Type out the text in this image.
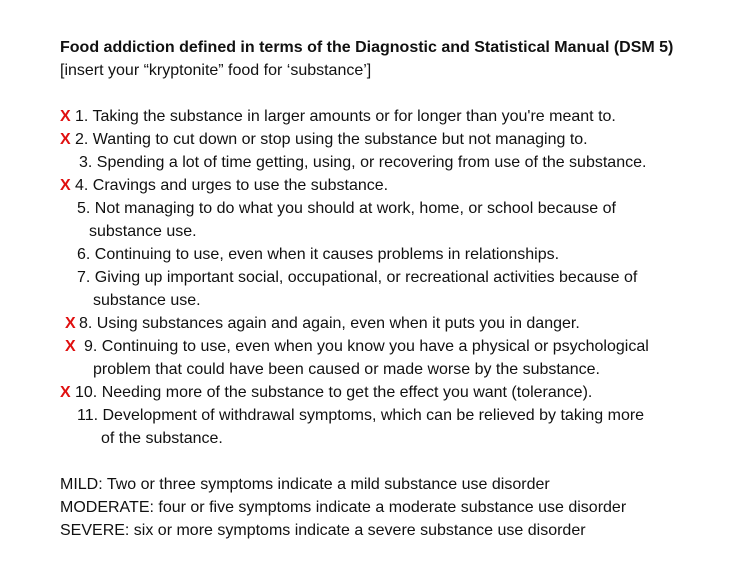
Food addiction defined in terms of the Diagnostic and Statistical Manual (DSM 5)
[insert your “kryptonite” food for ‘substance’]
X 1. Taking the substance in larger amounts or for longer than you're meant to.
X 2. Wanting to cut down or stop using the substance but not managing to.
3. Spending a lot of time getting, using, or recovering from use of the substance.
X 4. Cravings and urges to use the substance.
5. Not managing to do what you should at work, home, or school because of
substance use.
6. Continuing to use, even when it causes problems in relationships.
7. Giving up important social, occupational, or recreational activities because of
substance use.
X 8. Using substances again and again, even when it puts you in danger.
X 9. Continuing to use, even when you know you have a physical or psychological
problem that could have been caused or made worse by the substance.
X 10. Needing more of the substance to get the effect you want (tolerance).
11. Development of withdrawal symptoms, which can be relieved by taking more
of the substance.
MILD: Two or three symptoms indicate a mild substance use disorder
MODERATE: four or five symptoms indicate a moderate substance use disorder
SEVERE: six or more symptoms indicate a severe substance use disorder
